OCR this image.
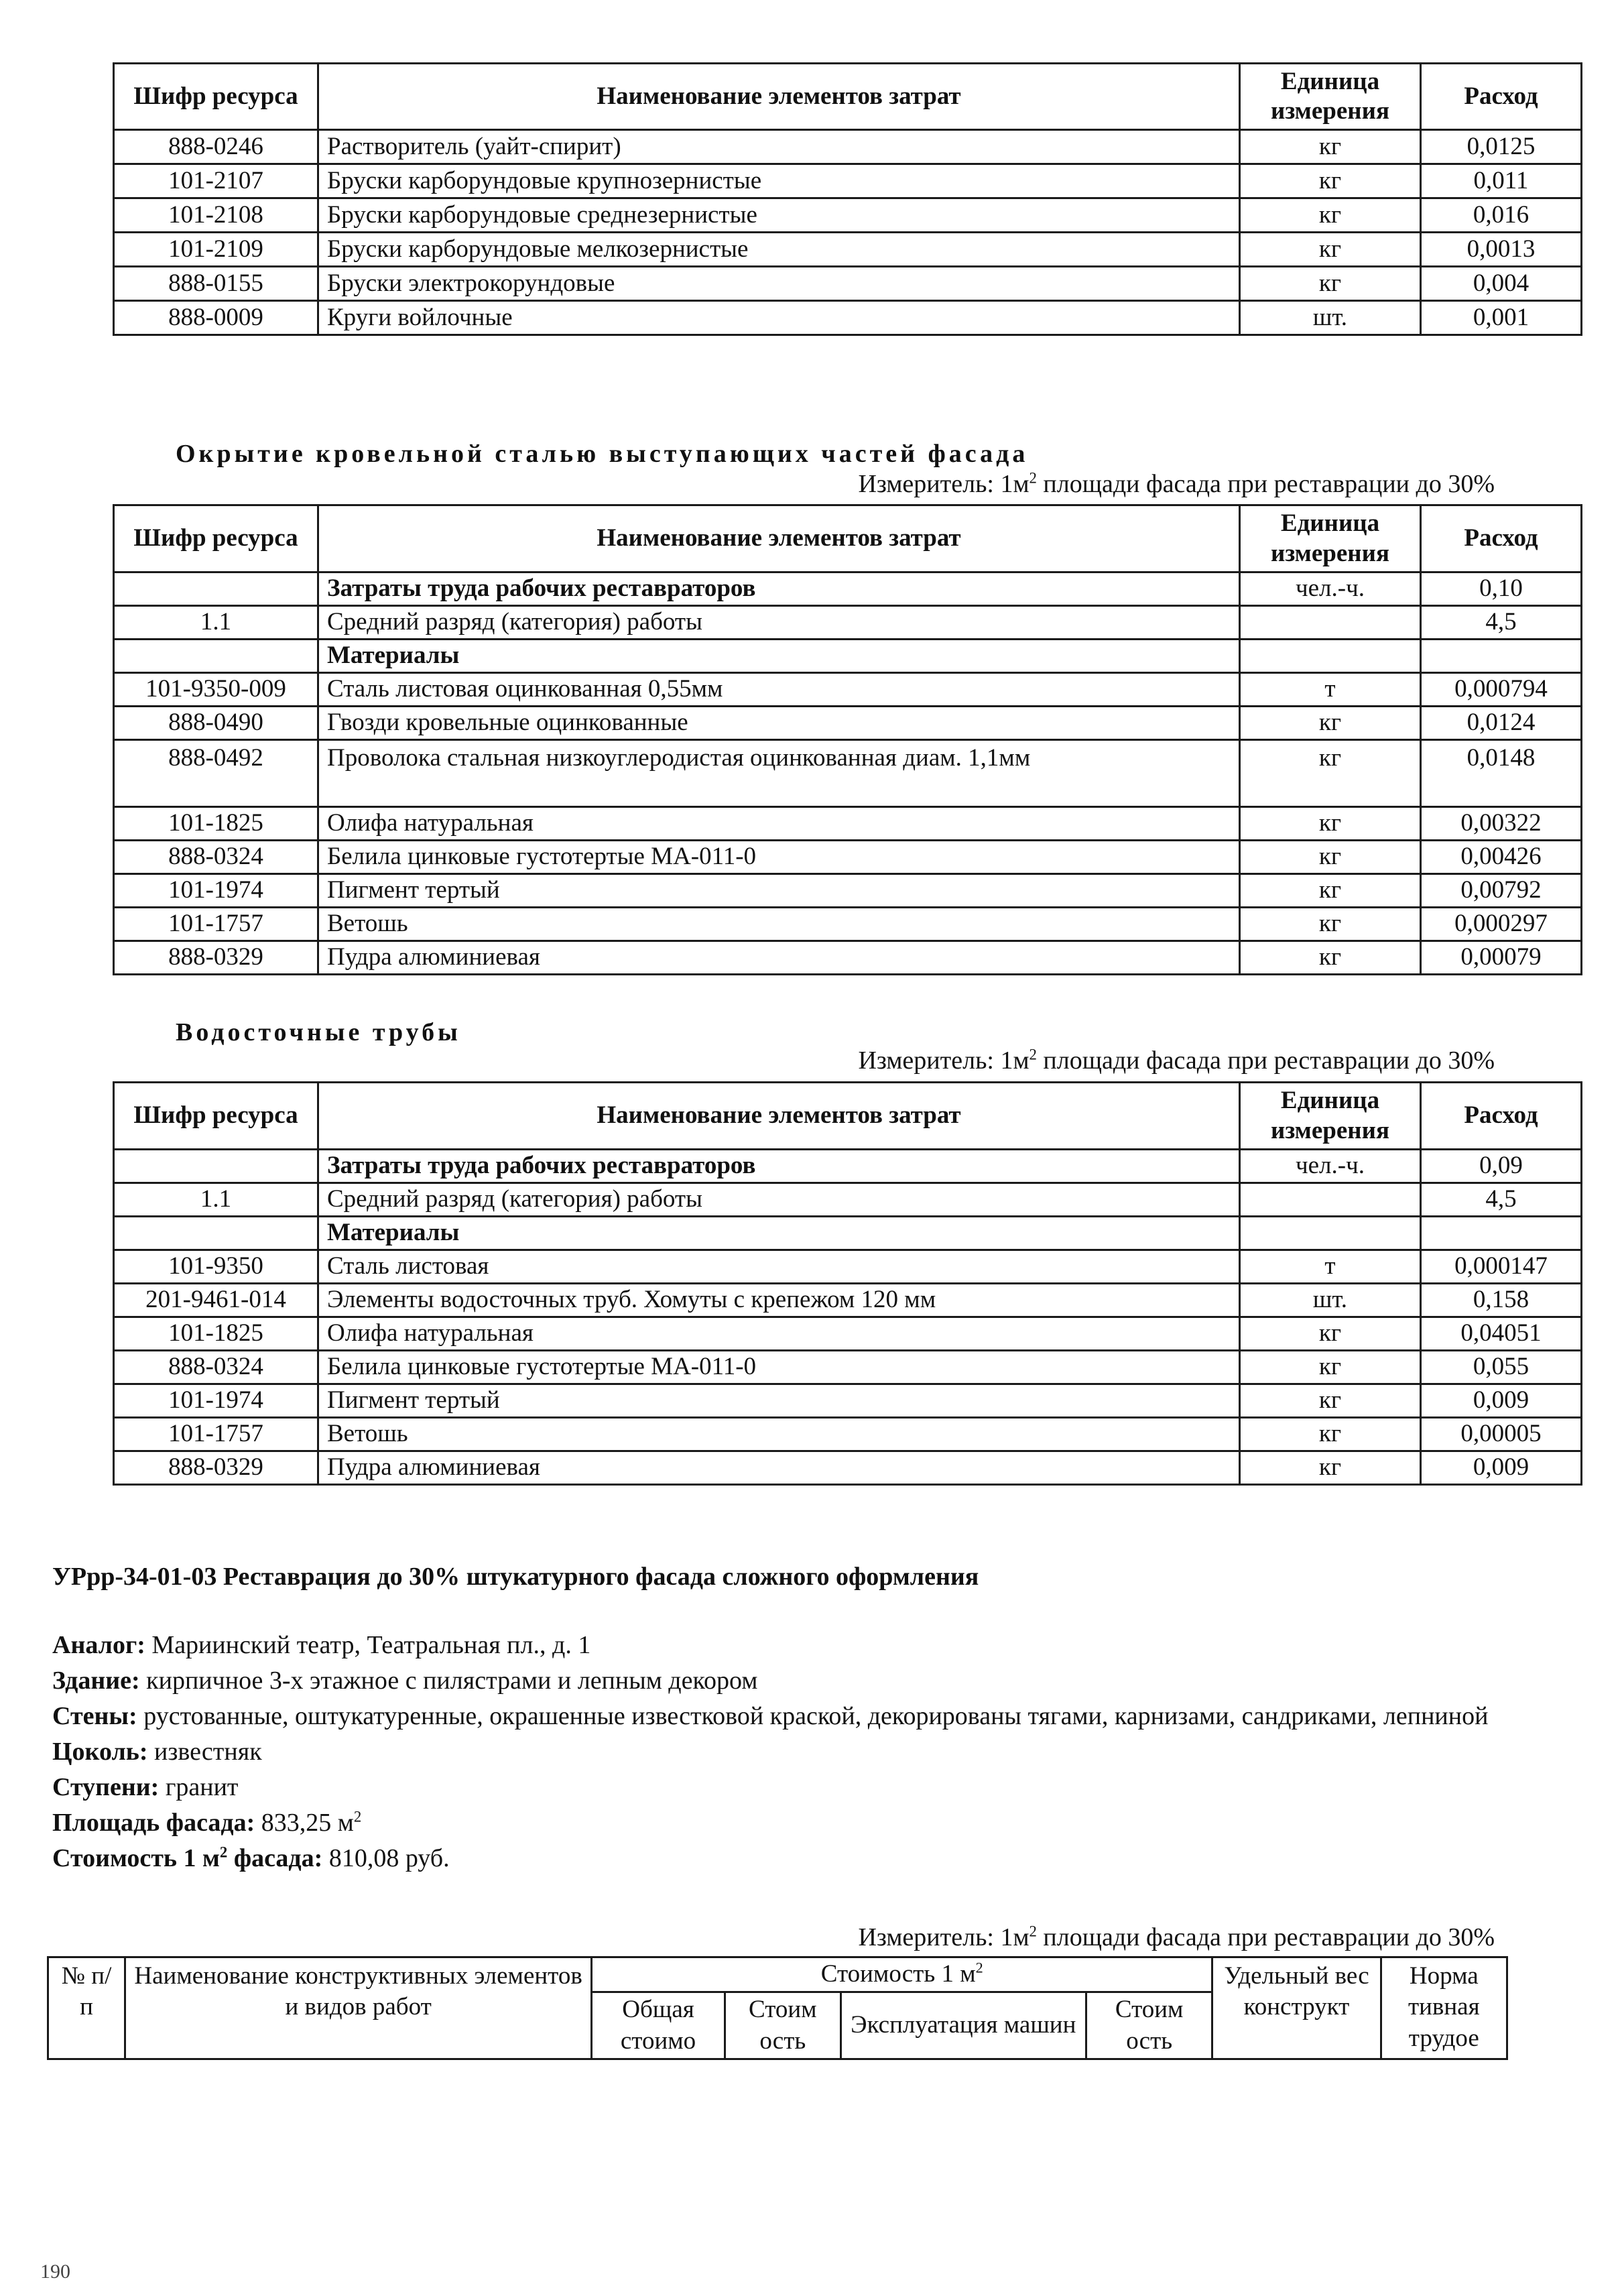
Шифр ресурса	Наименование элементов затрат	Единица измерения	Расход
888-0246	Растворитель (уайт-спирит)	кг	0,0125
101-2107	Бруски карборундовые крупнозернистые	кг	0,011
101-2108	Бруски карборундовые среднезернистые	кг	0,016
101-2109	Бруски карборундовые мелкозернистые	кг	0,0013
888-0155	Бруски электрокорундовые	кг	0,004
888-0009	Круги войлочные	шт.	0,001
Окрытие кровельной сталью выступающих частей фасада
Измеритель: $1м^2$ площади фасада при реставрации до 30%
Шифр ресурса	Наименование элементов затрат	Единица измерения	Расход
	Затраты труда рабочих реставраторов	чел.-ч.	0,10
1.1	Средний разряд (категория) работы		4,5
	Материалы		
101-9350-009	Сталь листовая оцинкованная 0,55мм	т	0,000794
888-0490	Гвозди кровельные оцинкованные	кг	0,0124
888-0492	Проволока стальная низкоуглеродистая оцинкованная диам. 1,1мм	кг	0,0148
101-1825	Олифа натуральная	кг	0,00322
888-0324	Белила цинковые густотертые МА-011-0	кг	0,00426
101-1974	Пигмент тертый	кг	0,00792
101-1757	Ветошь	кг	0,000297
888-0329	Пудра алюминиевая	кг	0,00079
Водосточные трубы
Измеритель: $1м^2$ площади фасада при реставрации до 30%
Шифр ресурса	Наименование элементов затрат	Единица измерения	Расход
	Затраты труда рабочих реставраторов	чел.-ч.	0,09
1.1	Средний разряд (категория) работы		4,5
	Материалы		
101-9350	Сталь листовая	т	0,000147
201-9461-014	Элементы водосточных труб. Хомуты с крепежом 120 мм	шт.	0,158
101-1825	Олифа натуральная	кг	0,04051
888-0324	Белила цинковые густотертые МА-011-0	кг	0,055
101-1974	Пигмент тертый	кг	0,009
101-1757	Ветошь	кг	0,00005
888-0329	Пудра алюминиевая	кг	0,009
УРрр-34-01-03 Реставрация до 30% штукатурного фасада сложного оформления

Аналог: Мариинский театр, Театральная пл., д. 1

Здание: кирпичное 3-х этажное с пилястрами и лепным декором

Стены: рустованные, оштукатуренные, окрашенные известковой краской, декорированы тягами, карнизами, сандриками, лепниной

Цоколь: известняк

Ступени: гранит

Площадь фасада: 833,25 $м^2$

Стоимость 1 $м^2$ фасада: 810,08 руб.

Измеритель: $1м^2$ площади фасада при реставрации до 30%
№ п/п	Наименование конструктивных элементов и видов работ	Стоимость 1 $м^2$				Удельный вес конструкт	Норма тивная трудое
		Общая стоимо	Стоим ость	Эксплуатация машин	Стоим ость		
190
